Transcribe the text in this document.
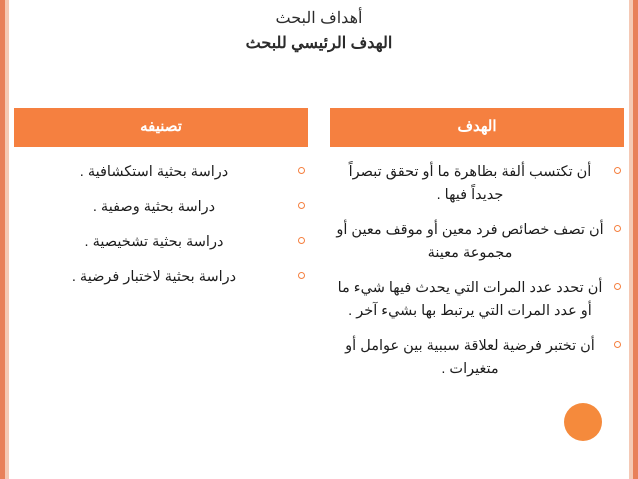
أهداف البحث
الهدف الرئيسي للبحث
الهدف
أن تكتسب ألفة بظاهرة ما أو تحقق تبصراً جديداً فيها .
أن تصف خصائص فرد معين أو موقف معين أو مجموعة معينة
أن تحدد عدد المرات التي يحدث فيها شيء ما أو عدد المرات التي يرتبط بها بشيء آخر .
أن تختبر فرضية لعلاقة سببية بين عوامل أو متغيرات .
تصنيفه
دراسة بحثية استكشافية .
دراسة بحثية وصفية .
دراسة بحثية تشخيصية .
دراسة بحثية لاختبار فرضية .
